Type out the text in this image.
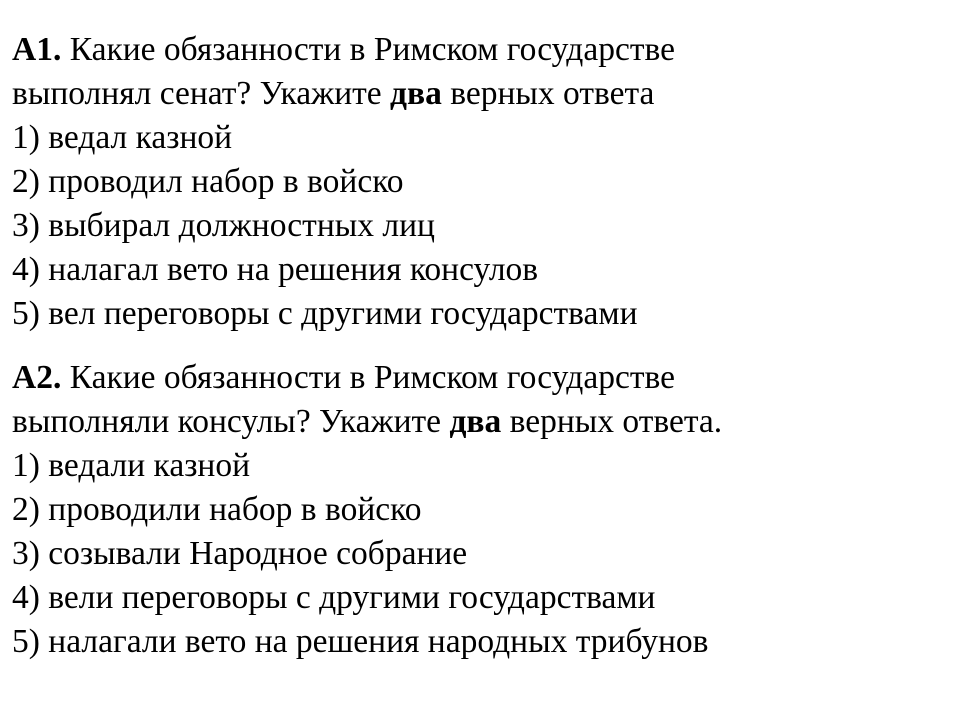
А1. Какие обязанности в Римском государстве
выполнял сенат? Укажите два верных ответа
1) ведал казной
2) проводил набор в войско
3) выбирал должностных лиц
4) налагал вето на решения консулов
5) вел переговоры с другими государствами
А2. Какие обязанности в Римском государстве
выполняли консулы? Укажите два верных ответа.
1) ведали казной
2) проводили набор в войско
3) созывали Народное собрание
4) вели переговоры с другими государствами
5) налагали вето на решения народных трибунов
